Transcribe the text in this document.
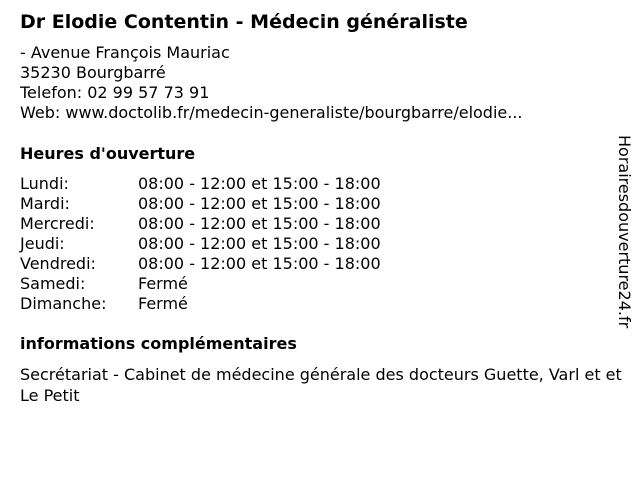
Dr Elodie Contentin - Médecin généraliste
- Avenue François Mauriac
35230 Bourgbarré
Telefon: 02 99 57 73 91
Web: www.doctolib.fr/medecin-generaliste/bourgbarre/elodie...
Heures d'ouverture
Lundi:	08:00 - 12:00 et 15:00 - 18:00
Mardi:	08:00 - 12:00 et 15:00 - 18:00
Mercredi:	08:00 - 12:00 et 15:00 - 18:00
Jeudi:	08:00 - 12:00 et 15:00 - 18:00
Vendredi:	08:00 - 12:00 et 15:00 - 18:00
Samedi:	Fermé
Dimanche: Fermé
informations complémentaires
Secrétariat - Cabinet de médecine générale des docteurs Guette, Varl et et Le Petit
Horairesdouverture24.fr
